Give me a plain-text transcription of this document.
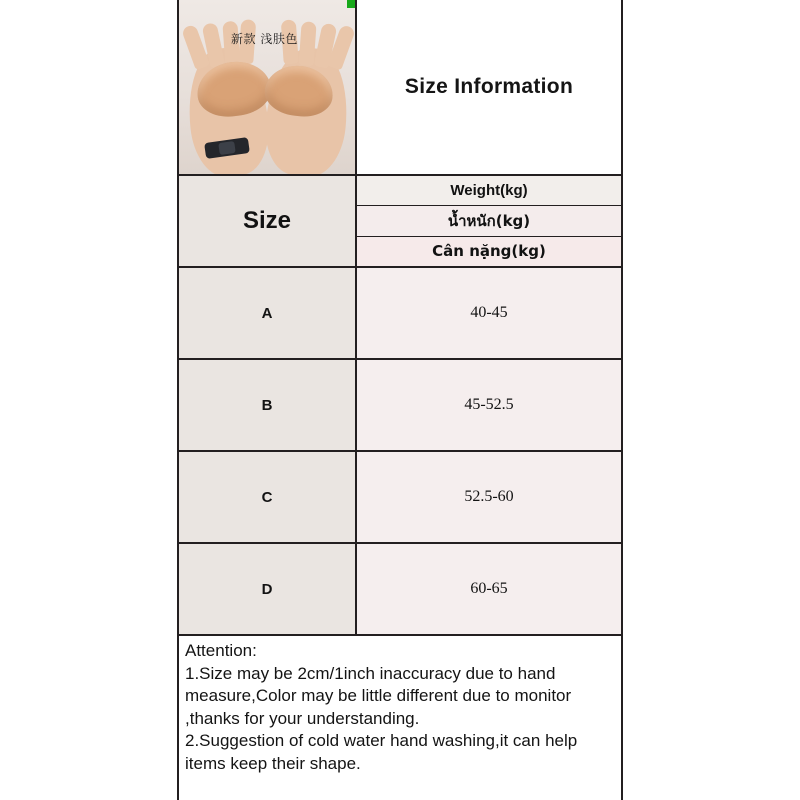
新款 浅肤色
Size Information
Size
Weight(kg)
น้ำหนัก(kg)
Cân nặng(kg)
A	40-45
B	45-52.5
C	52.5-60
D	60-65
Attention:
1.Size may be 2cm/1inch inaccuracy due to hand measure,Color may be little different due to monitor ,thanks for your understanding.
2.Suggestion of cold water hand washing,it can help items keep their shape.
